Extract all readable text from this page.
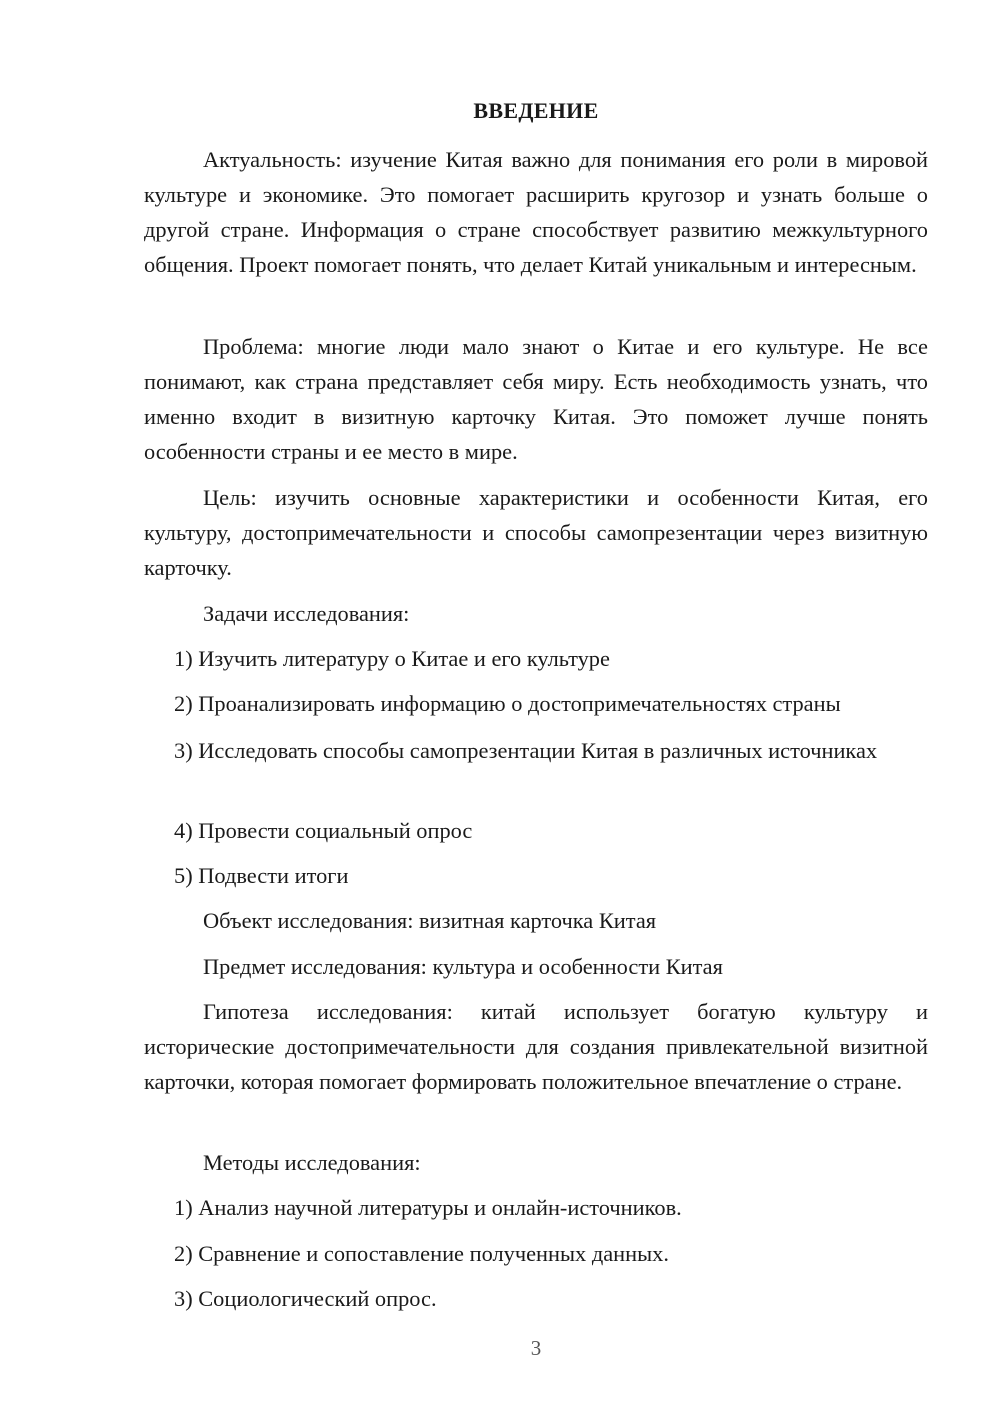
ВВЕДЕНИЕ

Актуальность: изучение Китая важно для понимания его роли в мировой культуре и экономике. Это помогает расширить кругозор и узнать больше о другой стране. Информация о стране способствует развитию межкультурного общения. Проект помогает понять, что делает Китай уникальным и интересным.

Проблема: многие люди мало знают о Китае и его культуре. Не все понимают, как страна представляет себя миру. Есть необходимость узнать, что именно входит в визитную карточку Китая. Это поможет лучше понять особенности страны и ее место в мире.

Цель: изучить основные характеристики и особенности Китая, его культуру, достопримечательности и способы самопрезентации через визитную карточку.

Задачи исследования:

1) Изучить литературу о Китае и его культуре

2) Проанализировать информацию о достопримечательностях страны

3) Исследовать способы самопрезентации Китая в различных источниках

4) Провести социальный опрос

5) Подвести итоги

Объект исследования: визитная карточка Китая

Предмет исследования: культура и особенности Китая

Гипотеза исследования: китай использует богатую культуру и исторические достопримечательности для создания привлекательной визитной карточки, которая помогает формировать положительное впечатление о стране.

Методы исследования:

1) Анализ научной литературы и онлайн-источников.

2) Сравнение и сопоставление полученных данных.

3) Социологический опрос.

3
